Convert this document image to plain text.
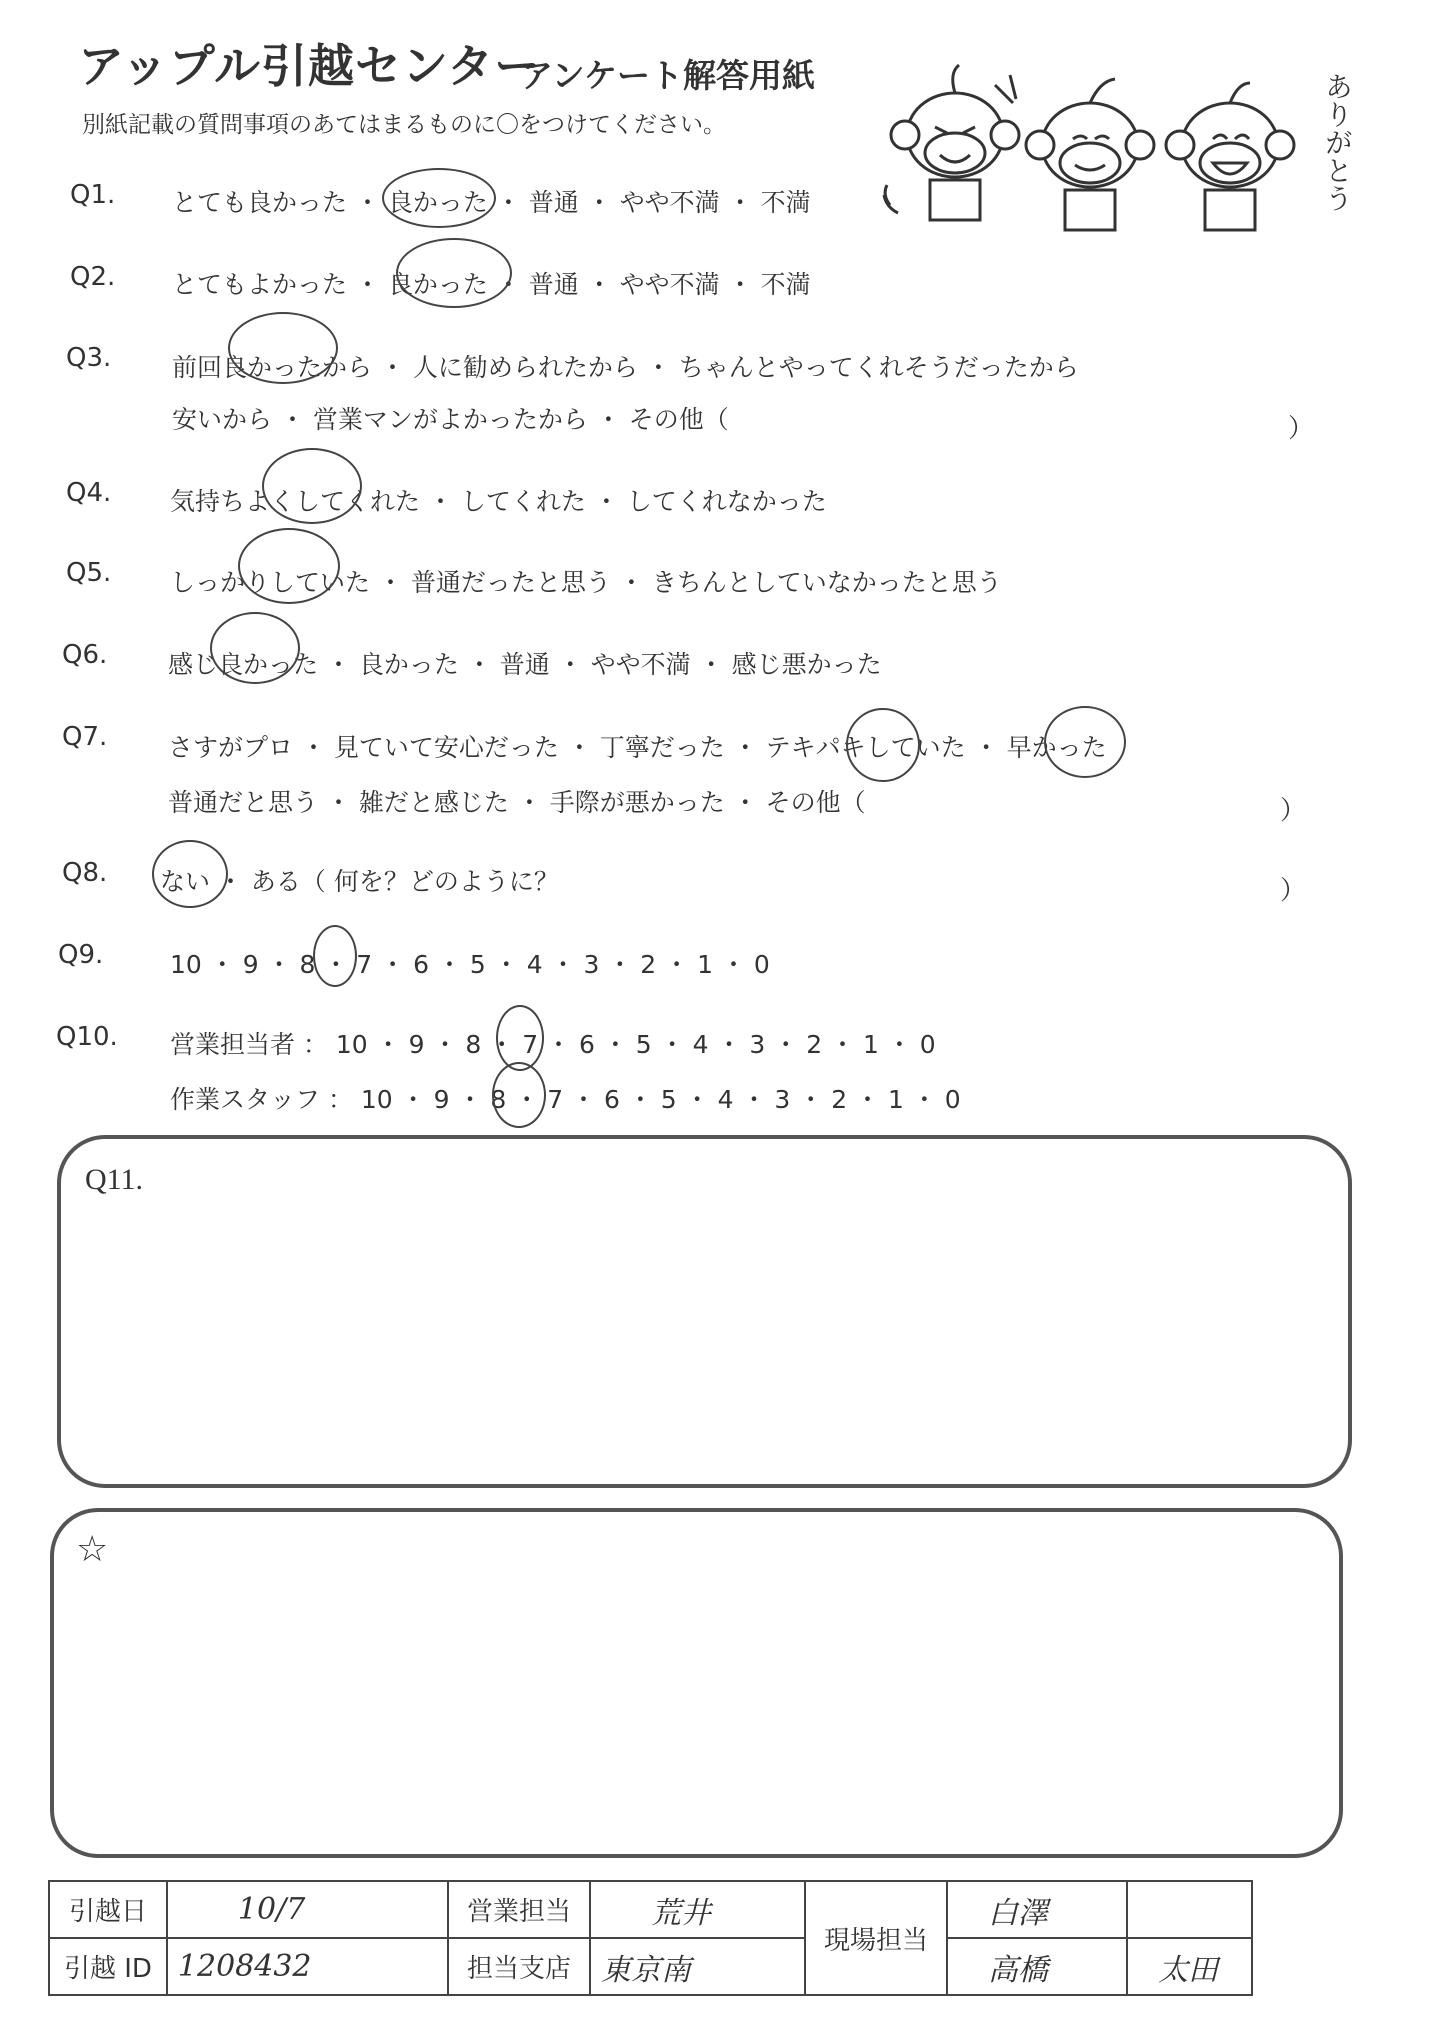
アップル引越センター
アンケート解答用紙
別紙記載の質問事項のあてはまるものに〇をつけてください。	ありがとう
Q1. とても良かった ・ 良かった ・ 普通 ・ やや不満 ・ 不満
Q2. とてもよかった ・ 良かった ・ 普通 ・ やや不満 ・ 不満
Q3. 前回良かったから ・ 人に勧められたから ・ ちゃんとやってくれそうだったから
安いから ・ 営業マンがよかったから ・ その他（	）
Q4. 気持ちよくしてくれた ・ してくれた ・ してくれなかった
Q5. しっかりしていた ・ 普通だったと思う ・ きちんとしていなかったと思う
Q6. 感じ良かった ・ 良かった ・ 普通 ・ やや不満 ・ 感じ悪かった
Q7. さすがプロ ・ 見ていて安心だった ・ 丁寧だった ・ テキパキしていた ・ 早かった
普通だと思う ・ 雑だと感じた ・ 手際が悪かった ・ その他（	）
Q8. ない ・ ある（ 何を？どのように？	）
Q9.	10 ・ 9 ・ 8 ・ 7 ・ 6 ・ 5 ・ 4 ・ 3 ・ 2 ・ 1 ・ 0
Q10. 営業担当者 ： 10 ・ 9 ・ 8 ・ 7 ・ 6 ・ 5 ・ 4 ・ 3 ・ 2 ・ 1 ・ 0
作業スタッフ ： 10 ・ 9 ・ 8 ・ 7 ・ 6 ・ 5 ・ 4 ・ 3 ・ 2 ・ 1 ・ 0
Q11.
☆
引越日	10/7	営業担当	荒井	現場担当	白澤	
引越 ID	1208432	担当支店	東京南		高橋	太田
